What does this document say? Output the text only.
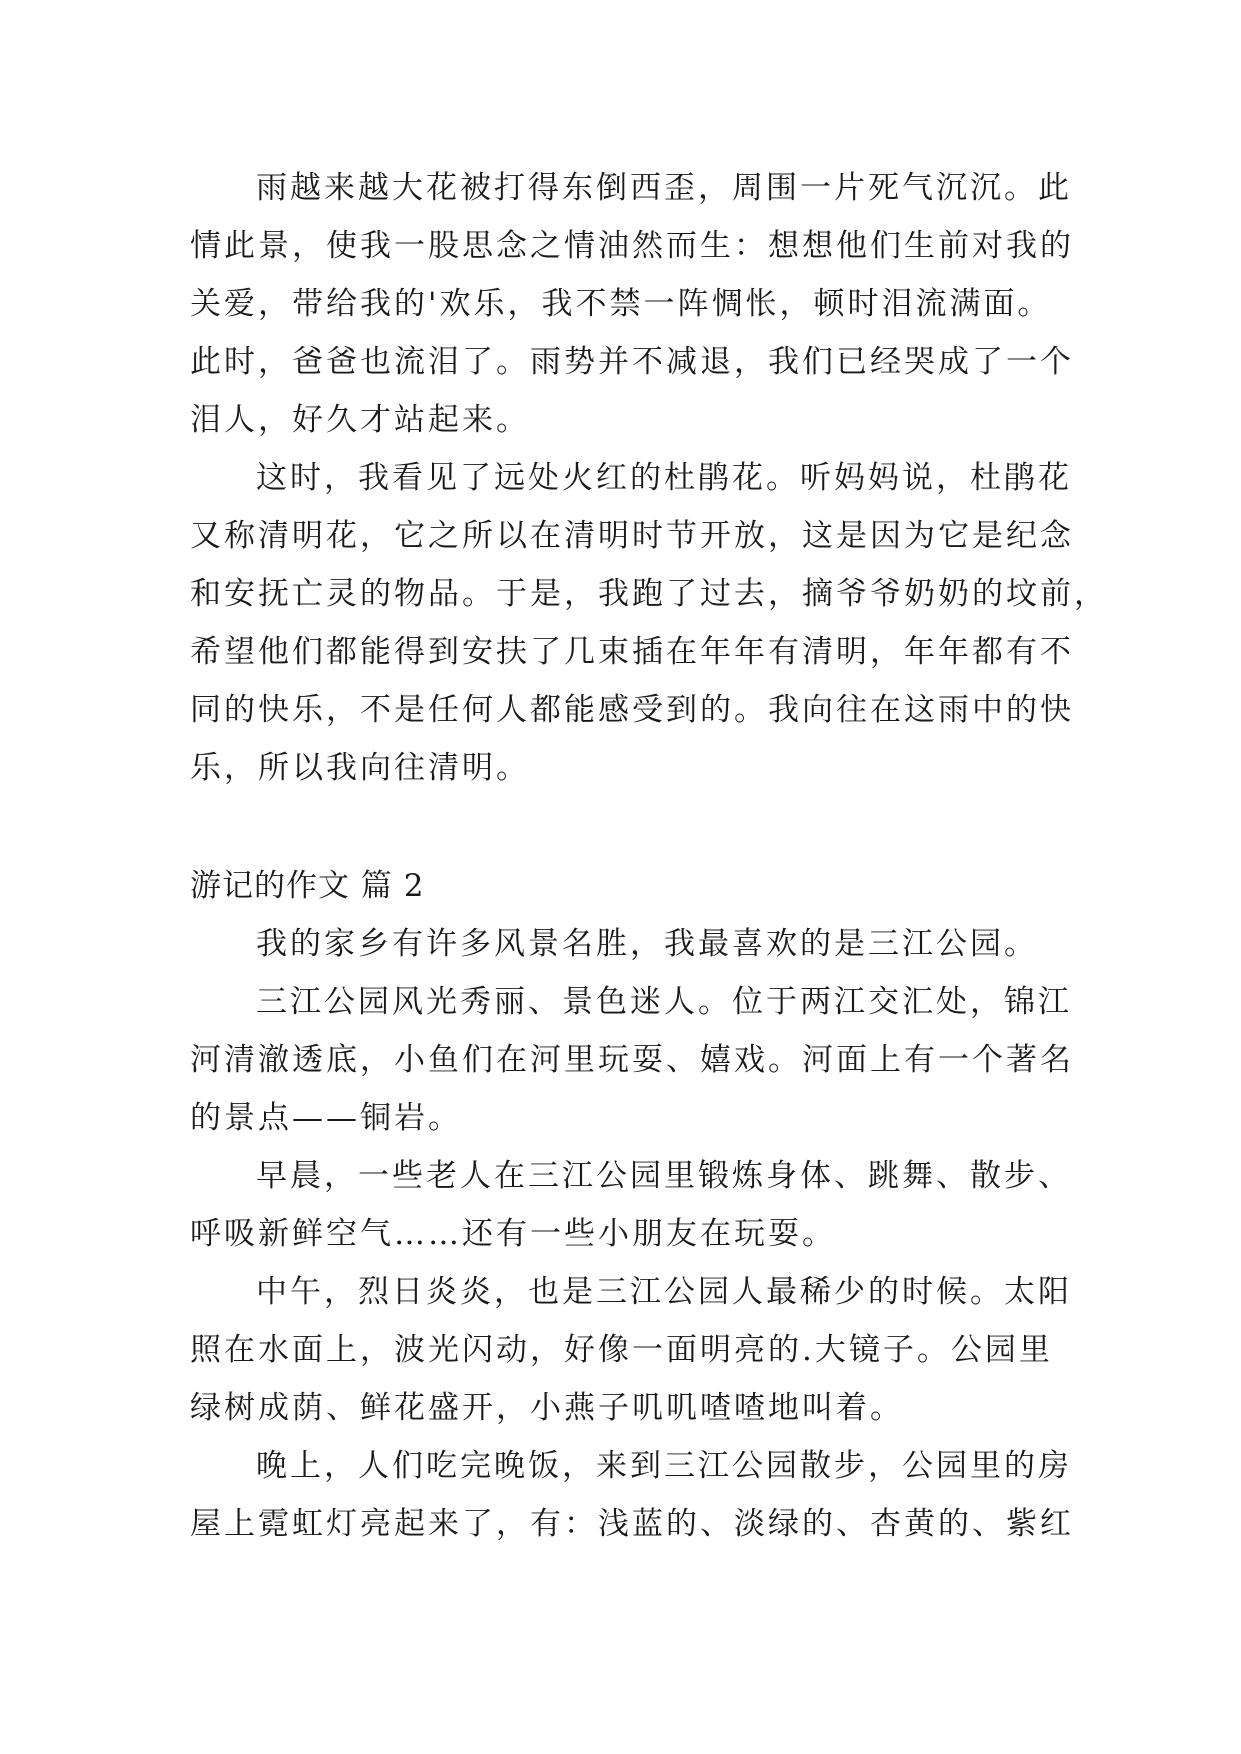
雨越来越大花被打得东倒西歪，周围一片死气沉沉。此
情此景，使我一股思念之情油然而生：想想他们生前对我的
关爱，带给我的'欢乐，我不禁一阵惆怅，顿时泪流满面。
此时，爸爸也流泪了。雨势并不减退，我们已经哭成了一个
泪人，好久才站起来。
这时，我看见了远处火红的杜鹃花。听妈妈说，杜鹃花
又称清明花，它之所以在清明时节开放，这是因为它是纪念
和安抚亡灵的物品。于是，我跑了过去，摘爷爷奶奶的坟前，
希望他们都能得到安扶了几束插在年年有清明，年年都有不
同的快乐，不是任何人都能感受到的。我向往在这雨中的快
乐，所以我向往清明。
游记的作文 篇 2
我的家乡有许多风景名胜，我最喜欢的是三江公园。
三江公园风光秀丽、景色迷人。位于两江交汇处，锦江
河清澈透底，小鱼们在河里玩耍、嬉戏。河面上有一个著名
的景点——铜岩。
早晨，一些老人在三江公园里锻炼身体、跳舞、散步、
呼吸新鲜空气……还有一些小朋友在玩耍。
中午，烈日炎炎，也是三江公园人最稀少的时候。太阳
照在水面上，波光闪动，好像一面明亮的.大镜子。公园里
绿树成荫、鲜花盛开，小燕子叽叽喳喳地叫着。
晚上，人们吃完晚饭，来到三江公园散步，公园里的房
屋上霓虹灯亮起来了，有：浅蓝的、淡绿的、杏黄的、紫红
